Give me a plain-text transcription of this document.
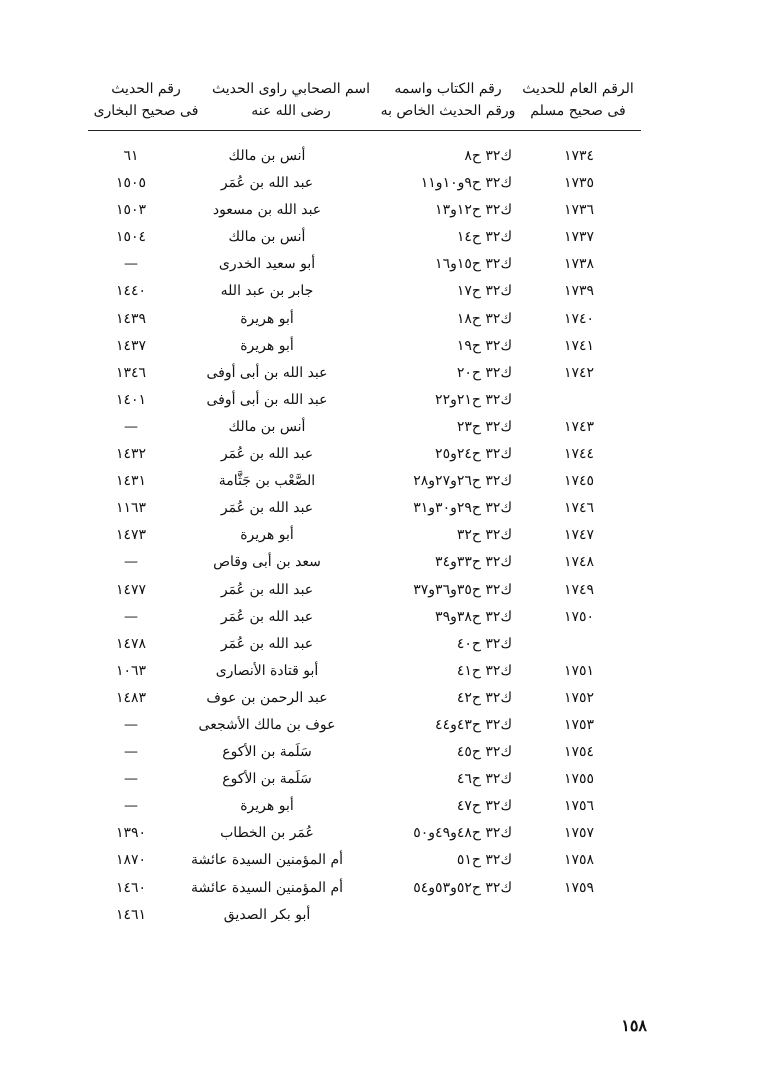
الرقم العام للحديث
فى صحيح مسلم
رقم الكتاب واسمه
ورقم الحديث الخاص به
اسم الصحابي راوى الحديث
رضى الله عنه
رقم الحديث
فى صحيح البخارى
١٧٣٤
ك٣٢ ح٨
أنس بن مالك
٦١
١٧٣٥
ك٣٢ ح٩و١٠و١١
عبد الله بن عُمَر
١٥٠٥
١٧٣٦
ك٣٢ ح١٢و١٣
عبد الله بن مسعود
١٥٠٣
١٧٣٧
ك٣٢ ح١٤
أنس بن مالك
١٥٠٤
١٧٣٨
ك٣٢ ح١٥و١٦
أبو سعيد الخدرى
—
١٧٣٩
ك٣٢ ح١٧
جابر بن عبد الله
١٤٤٠
١٧٤٠
ك٣٢ ح١٨
أبو هريرة
١٤٣٩
١٧٤١
ك٣٢ ح١٩
أبو هريرة
١٤٣٧
١٧٤٢
ك٣٢ ح٢٠
عبد الله بن أبى أوفى
١٣٤٦
ك٣٢ ح٢١و٢٢
عبد الله بن أبى أوفى
١٤٠١
١٧٤٣
ك٣٢ ح٢٣
أنس بن مالك
—
١٧٤٤
ك٣٢ ح٢٤و٢٥
عبد الله بن عُمَر
١٤٣٢
١٧٤٥
ك٣٢ ح٢٦و٢٧و٢٨
الصَّعْب بن جَثَّامة
١٤٣١
١٧٤٦
ك٣٢ ح٢٩و٣٠و٣١
عبد الله بن عُمَر
١١٦٣
١٧٤٧
ك٣٢ ح٣٢
أبو هريرة
١٤٧٣
١٧٤٨
ك٣٢ ح٣٣و٣٤
سعد بن أبى وقاص
—
١٧٤٩
ك٣٢ ح٣٥و٣٦و٣٧
عبد الله بن عُمَر
١٤٧٧
١٧٥٠
ك٣٢ ح٣٨و٣٩
عبد الله بن عُمَر
—
ك٣٢ ح٤٠
عبد الله بن عُمَر
١٤٧٨
١٧٥١
ك٣٢ ح٤١
أبو قتادة الأنصارى
١٠٦٣
١٧٥٢
ك٣٢ ح٤٢
عبد الرحمن بن عوف
١٤٨٣
١٧٥٣
ك٣٢ ح٤٣و٤٤
عوف بن مالك الأشجعى
—
١٧٥٤
ك٣٢ ح٤٥
سَلَمة بن الأكوع
—
١٧٥٥
ك٣٢ ح٤٦
سَلَمة بن الأكوع
—
١٧٥٦
ك٣٢ ح٤٧
أبو هريرة
—
١٧٥٧
ك٣٢ ح٤٨و٤٩و٥٠
عُمَر بن الخطاب
١٣٩٠
١٧٥٨
ك٣٢ ح٥١
أم المؤمنين السيدة عائشة
١٨٧٠
١٧٥٩
ك٣٢ ح٥٢و٥٣و٥٤
أم المؤمنين السيدة عائشة
١٤٦٠
أبو بكر الصديق
١٤٦١
١٥٨
